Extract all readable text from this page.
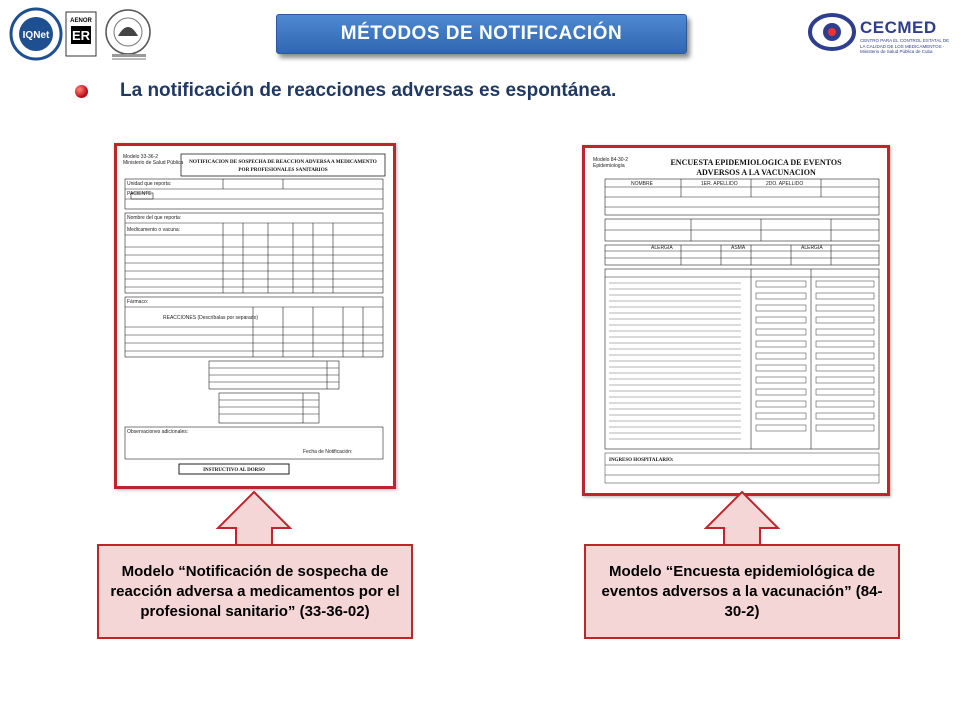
IQNet
AENOR
ER	MÉTODOS DE NOTIFICACIÓN	CECMED
CENTRO PARA EL CONTROL ESTATAL DE LA CALIDAD DE LOS MEDICAMENTOS · Ministerio de Salud Pública de Cuba
La notificación de reacciones adversas es espontánea.
Modelo 33-36-2
Ministerio de Salud Pública NOTIFICACION DE SOSPECHA DE REACCION ADVERSA A MEDICAMENTO
POR PROFESIONALES SANITARIOS
INSTRUCTIVO AL DORSO
Unidad que reporta:
PACIENTE
Nombre del que reporta:
Medicamento o vacuna:
Fármaco:
REACCIONES (Descríbalas por separado)
Observaciones adicionales:
Fecha de Notificación:
Modelo 84-30-2
Epidemiología	ENCUESTA EPIDEMIOLOGICA DE EVENTOS
ADVERSOS A LA VACUNACION
INGRESO HOSPITALARIO:
NOMBRE	1ER. APELLIDO	2DO. APELLIDO
ALERGIA	ASMA	ALERGIA
Modelo “Notificación de sospecha de reacción adversa a medicamentos por el profesional sanitario” (33-36-02)
Modelo “Encuesta epidemiológica de eventos adversos a la vacunación” (84-30-2)
